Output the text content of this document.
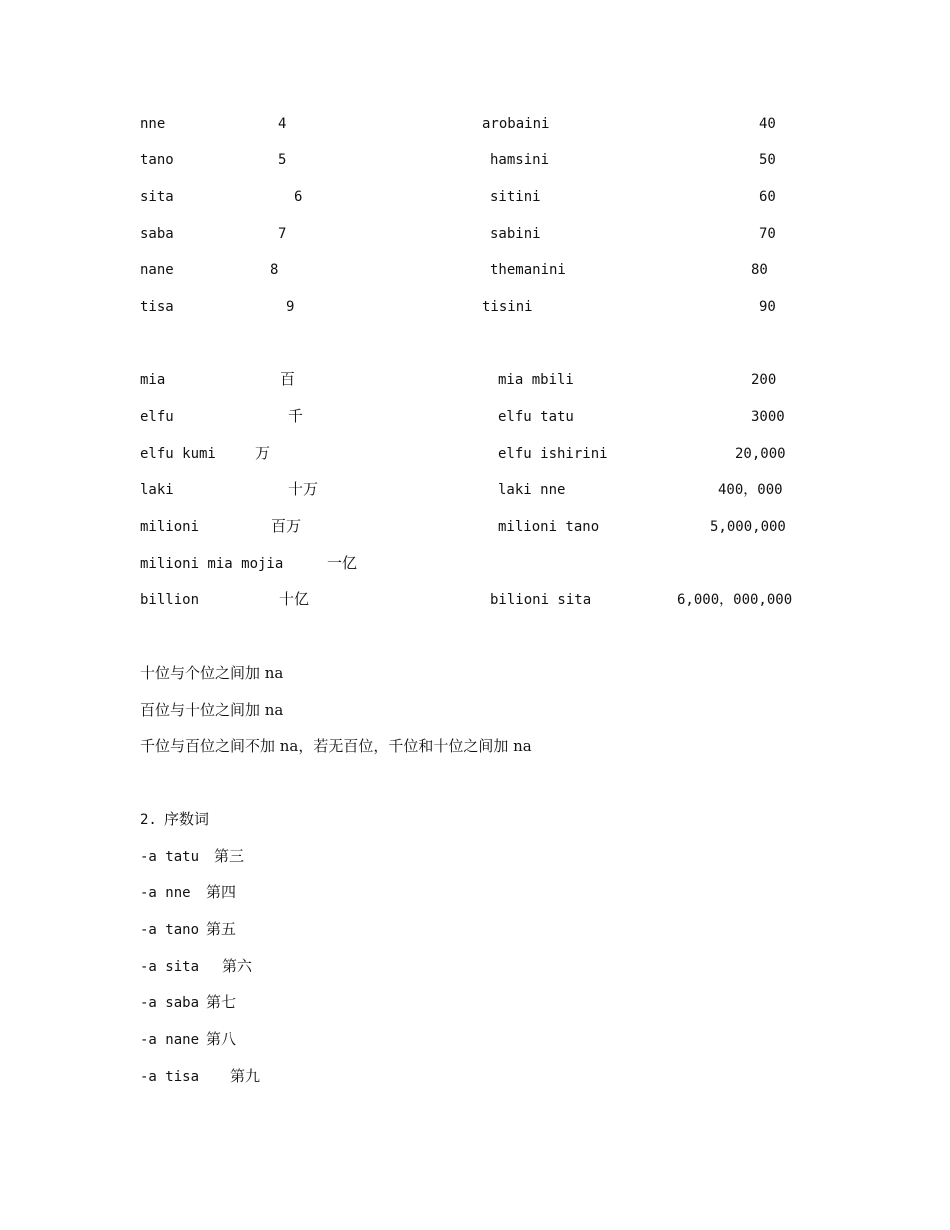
nne	4	arobaini	40
tano	5	hamsini	50
sita	6	sitini	60
saba	7	sabini	70
nane	8	themanini	80
tisa	9	tisini	90
mia	百	mia mbili	200
elfu	千	elfu tatu	3000
elfu kumi	万	elfu ishirini	20,000
laki	十万	laki nne	400，000
milioni	百万	milioni tano	5,000,000
milioni mia mojia	一亿
billion	十亿	bilioni sita	6,000，000,000
十位与个位之间加 na
百位与十位之间加 na
千位与百位之间不加 na，若无百位，千位和十位之间加 na
2. 序数词
-a tatu 第三
-a nne 第四
-a tano 第五
-a sita 第六
-a saba 第七
-a nane 第八
-a tisa 第九
